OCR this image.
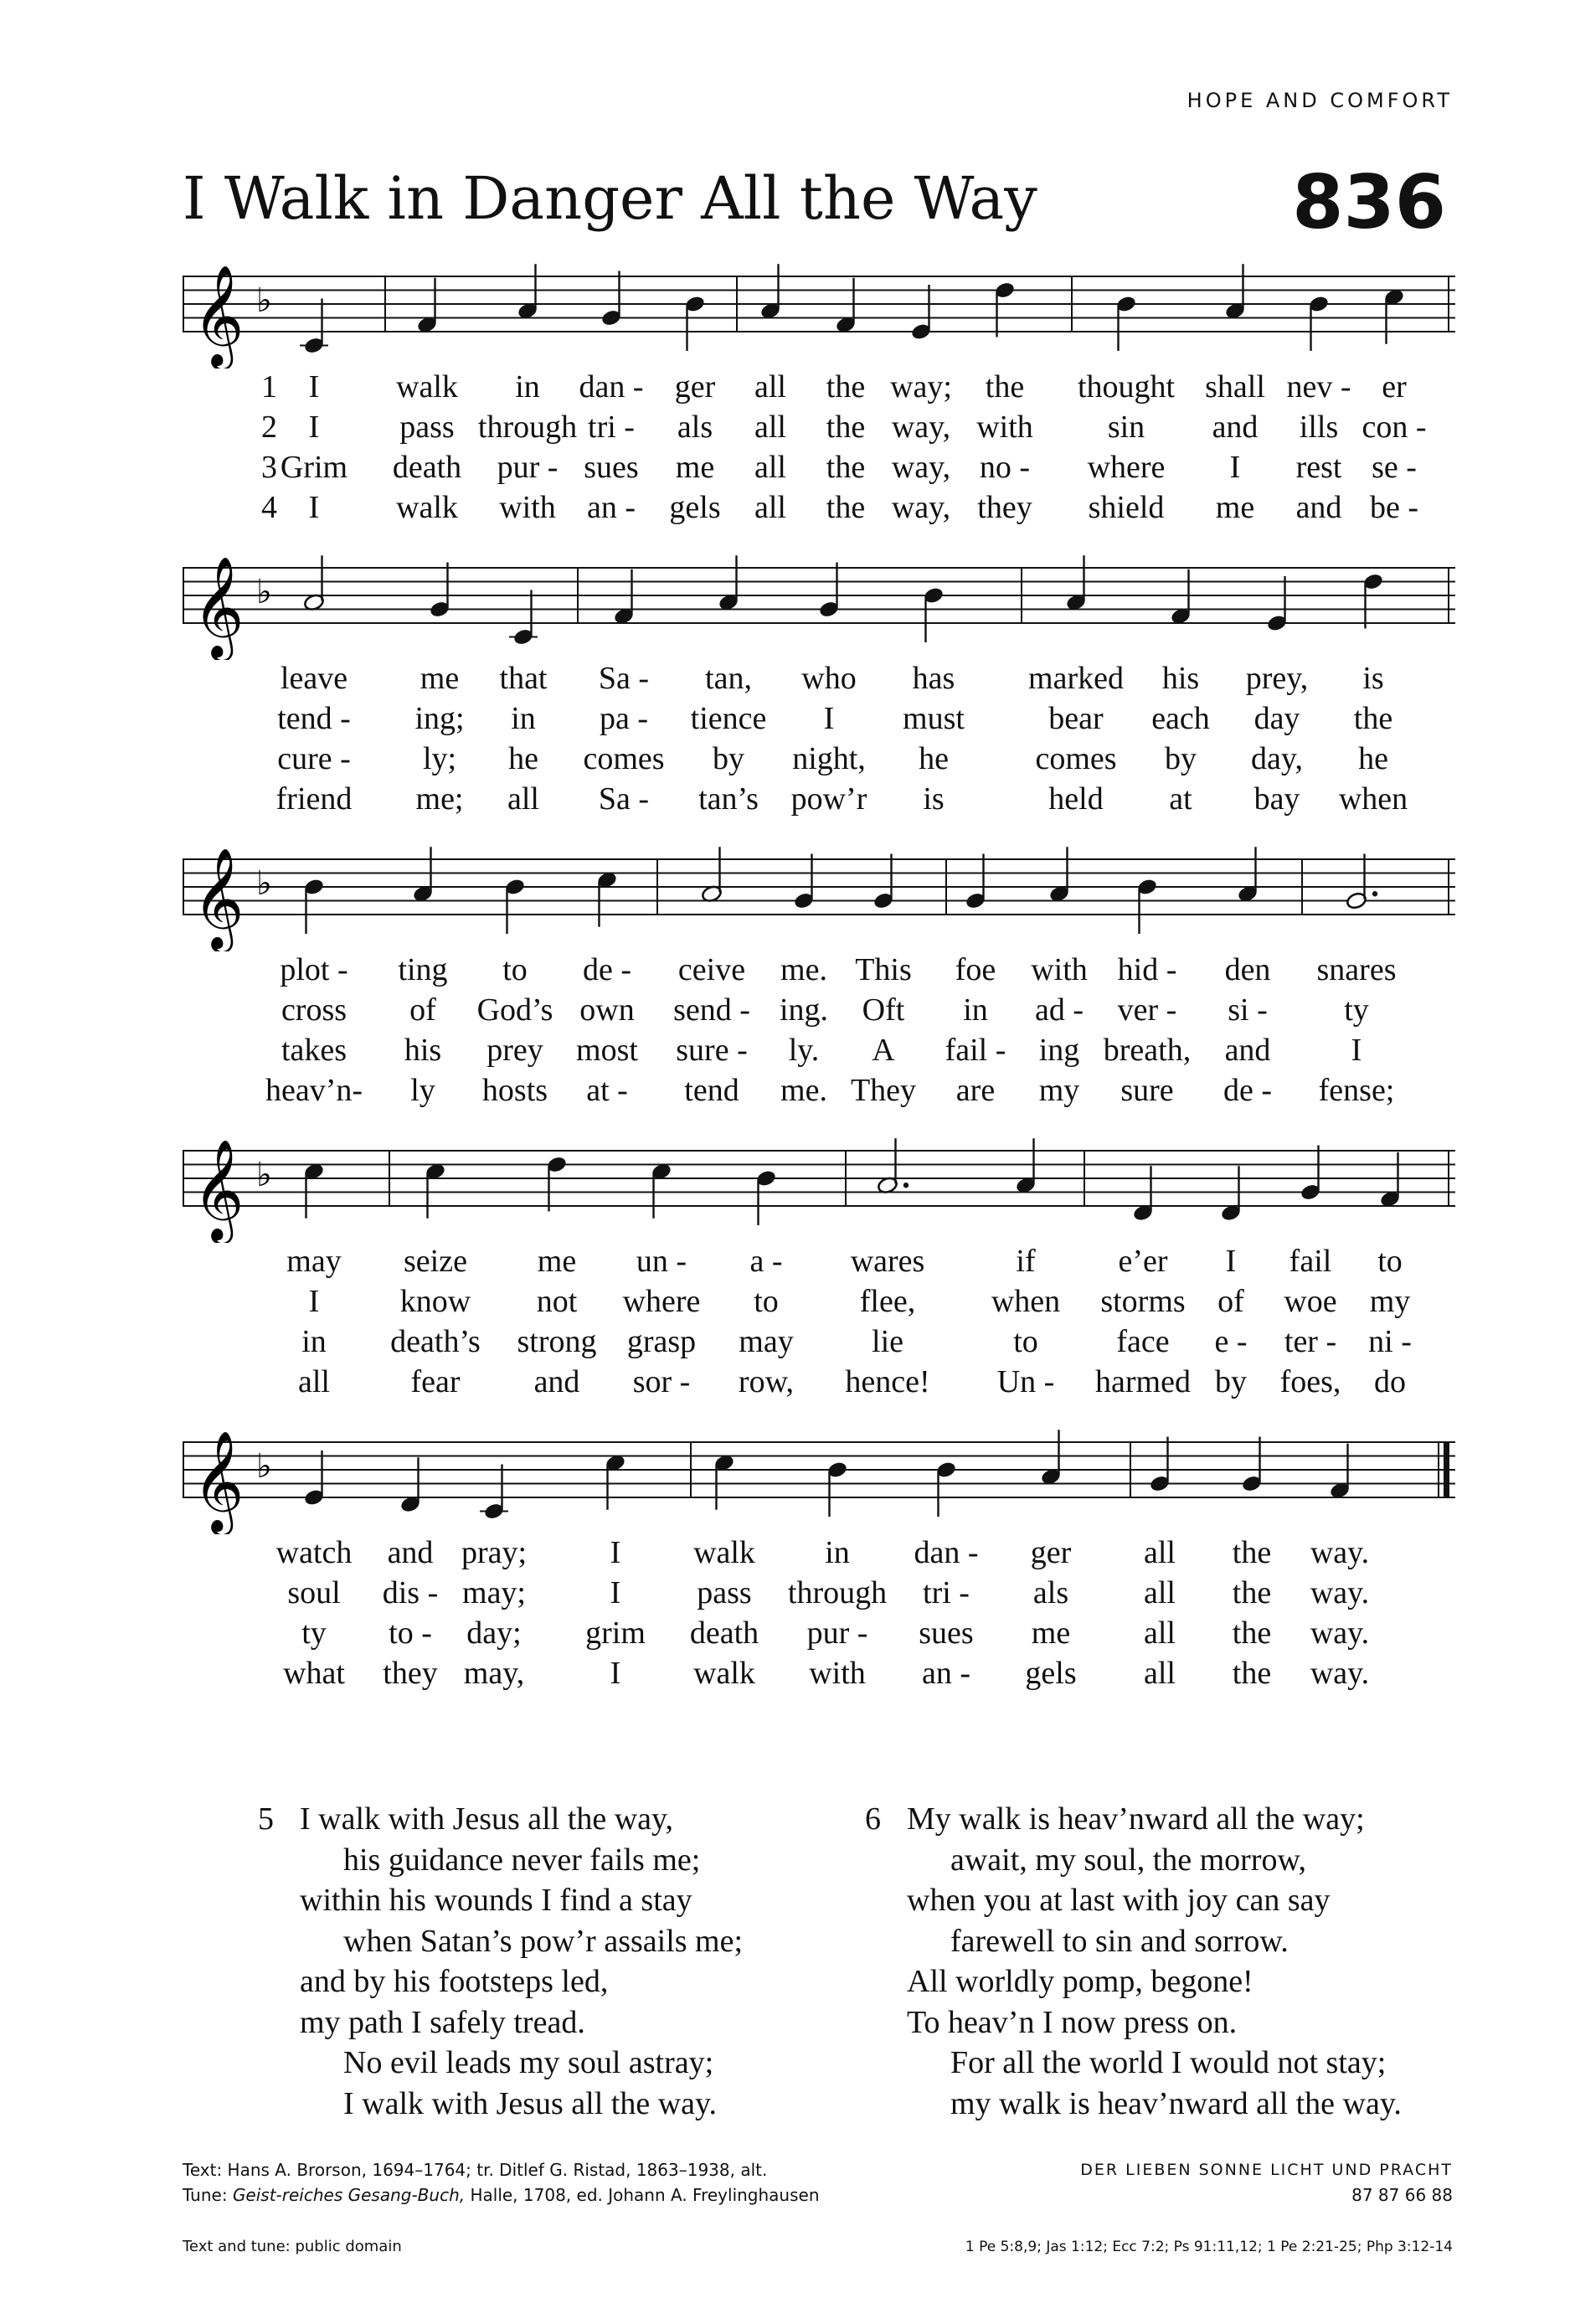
HOPE AND COMFORT
I Walk in Danger All the Way	836
𝄞 ♭
𝄞 ♭
𝄞 ♭
𝄞 ♭
𝄞 ♭
5 I walk with Jesus all the way,
his guidance never fails me;
within his wounds I find a stay
when Satan’s pow’r assails me;
and by his footsteps led,
my path I safely tread.
No evil leads my soul astray;
I walk with Jesus all the way.
6 My walk is heav’nward all the way;
await, my soul, the morrow,
when you at last with joy can say
farewell to sin and sorrow.
All worldly pomp, begone!
To heav’n I now press on.
For all the world I would not stay;
my walk is heav’nward all the way.
Text: Hans A. Brorson, 1694–1764; tr. Ditlef G. Ristad, 1863–1938, alt.
Tune: Geist-reiches Gesang-Buch, Halle, 1708, ed. Johann A. Freylinghausen
Text and tune: public domain
DER LIEBEN SONNE LICHT UND PRACHT
87 87 66 88
1 Pe 5:8,9; Jas 1:12; Ecc 7:2; Ps 91:11,12; 1 Pe 2:21-25; Php 3:12-14
1 I walk in dan - ger all the way; the thought shall nev - er
2 I	pass through tri - als all the way, with sin and ills con -
3 Grim death pur - sues me all the way, no - where I rest se -
4 I walk with an - gels all the way, they shield me and be -
leave me that Sa - tan, who has marked his prey, is
tend - ing; in pa - tience I must	bear each day the
cure - ly; he comes by night, he	comes by day, he
friend me; all Sa - tan’s pow’r is	held at bay when
plot - ting to de - ceive me. This foe with hid - den snares
cross of God’s own send - ing. Oft in ad - ver - si - ty
takes his prey most sure - ly. A fail - ing breath, and	I
heav’n- ly hosts at - tend me. They are my sure de - fense;
may seize me un - a - wares	if	e’er I fail to
I	know not where to	flee, when storms of woe my
in death’s strong grasp may lie	to face e - ter - ni -
all	fear and sor - row, hence! Un - harmed by foes, do
watch and pray;	I walk in dan - ger all the way.
soul dis - may;	I pass through tri - als all the way.
ty to - day; grim death pur - sues me all the way.
what they may,	I walk with an - gels all the way.
